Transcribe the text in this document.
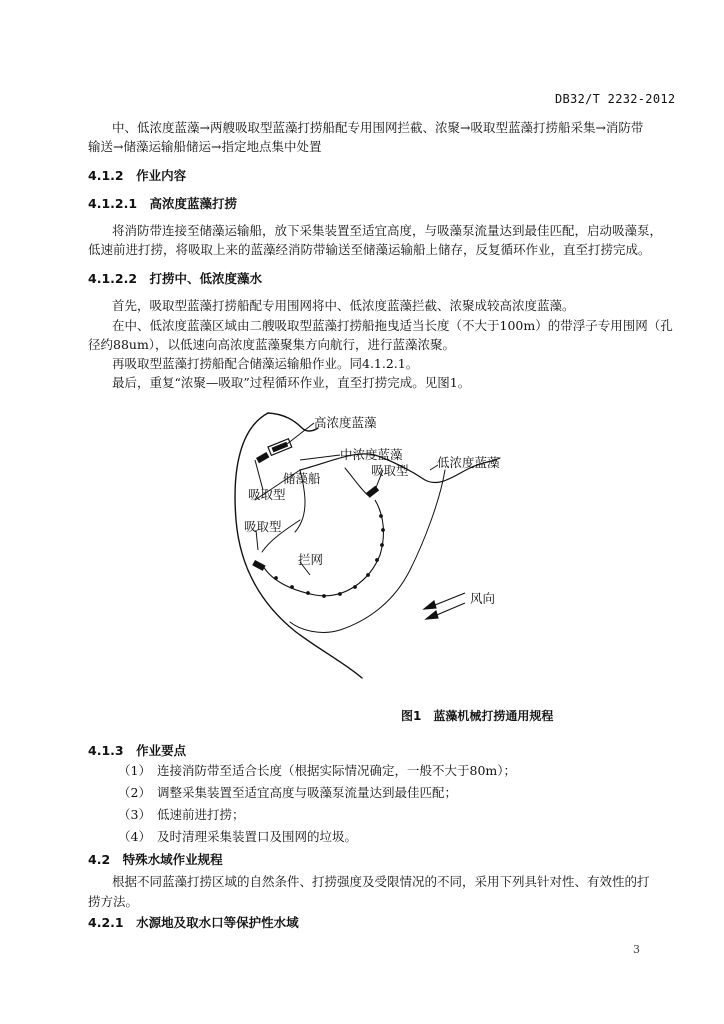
DB32/T 2232-2012
中、低浓度蓝藻→两艘吸取型蓝藻打捞船配专用围网拦截、浓聚→吸取型蓝藻打捞船采集→消防带
输送→储藻运输船储运→指定地点集中处置
4.1.2　作业内容
4.1.2.1　高浓度蓝藻打捞
将消防带连接至储藻运输船，放下采集装置至适宜高度，与吸藻泵流量达到最佳匹配，启动吸藻泵，
低速前进打捞，将吸取上来的蓝藻经消防带输送至储藻运输船上储存，反复循环作业，直至打捞完成。
4.1.2.2　打捞中、低浓度藻水
首先，吸取型蓝藻打捞船配专用围网将中、低浓度蓝藻拦截、浓聚成较高浓度蓝藻。
在中、低浓度蓝藻区域由二艘吸取型蓝藻打捞船拖曳适当长度（不大于100m）的带浮子专用围网（孔
径约88um），以低速向高浓度蓝藻聚集方向航行，进行蓝藻浓聚。
再吸取型蓝藻打捞船配合储藻运输船作业。同4.1.2.1。
最后，重复“浓聚—吸取”过程循环作业，直至打捞完成。见图1。
高浓度蓝藻
中浓度蓝藻
低浓度蓝藻
储藻船
吸取型
吸取型
吸取型
拦网
风向
图1　蓝藻机械打捞通用规程
4.1.3　作业要点
（1） 连接消防带至适合长度（根据实际情况确定，一般不大于80m）；
（2） 调整采集装置至适宜高度与吸藻泵流量达到最佳匹配；
（3） 低速前进打捞；
（4） 及时清理采集装置口及围网的垃圾。
4.2　特殊水域作业规程
根据不同蓝藻打捞区域的自然条件、打捞强度及受限情况的不同，采用下列具针对性、有效性的打
捞方法。
4.2.1　水源地及取水口等保护性水域
3
